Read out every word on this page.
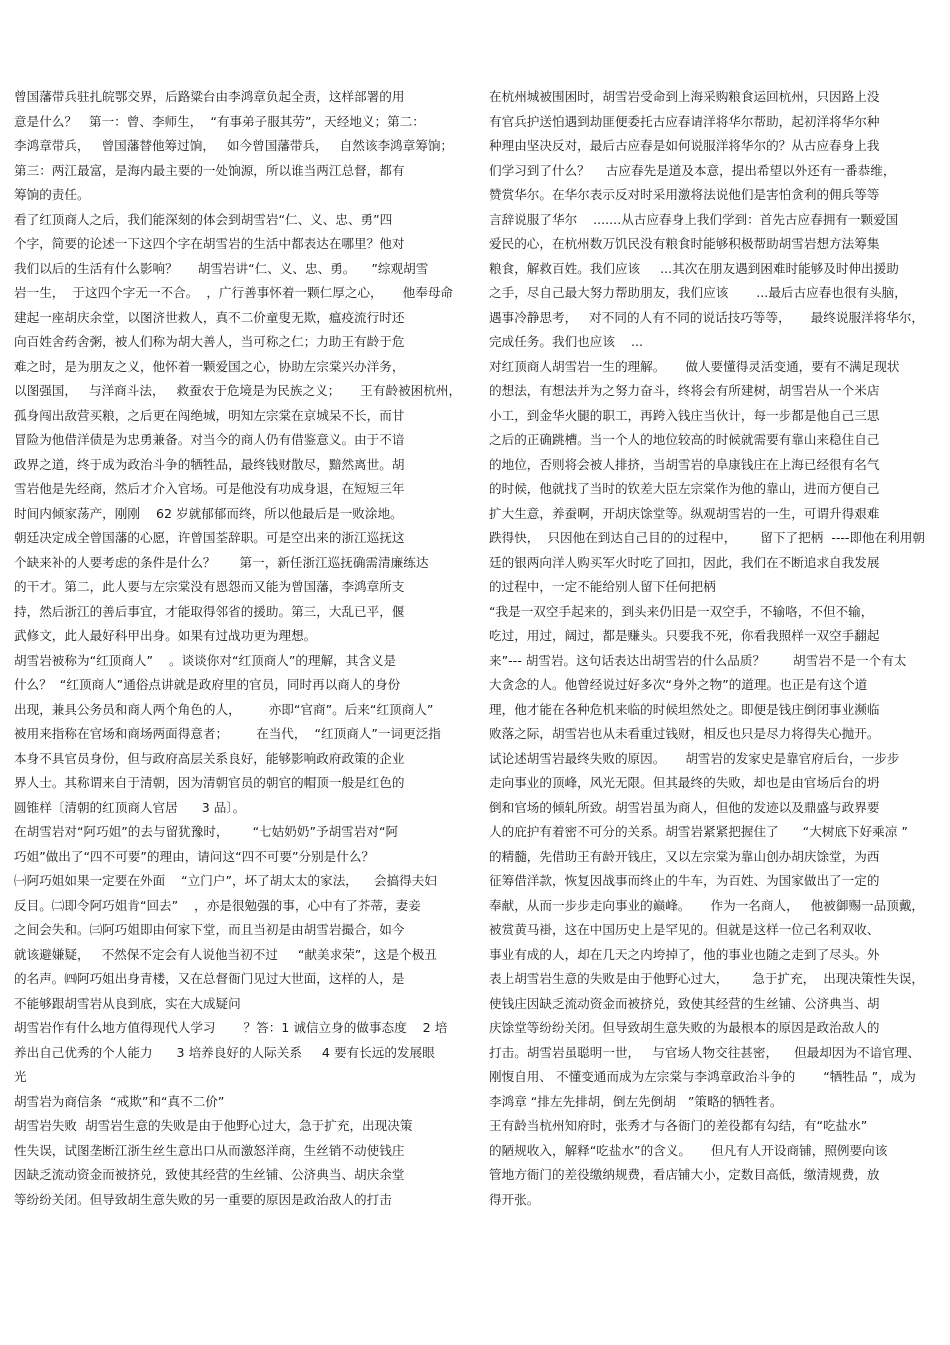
曾国藩带兵驻扎皖鄂交界，后路粱台由李鸿章负起全责，这样部署的用
意是什么？   第一：曾、李师生，  “有事弟子服其劳”，天经地义；第二：
李鸿章带兵，   曾国藩替他筹过饷，   如今曾国藩带兵，   自然该李鸿章筹饷；
第三：两江最富，是海内最主要的一处饷源，所以谁当两江总督，都有
筹饷的责任。
看了红顶商人之后，我们能深刻的体会到胡雪岩“仁、义、忠、勇”四
个字，简要的论述一下这四个字在胡雪岩的生活中都表达在哪里？他对
我们以后的生活有什么影响？     胡雪岩讲“仁、义、忠、勇。    ”综观胡雪
岩一生，  于这四个字无一不合。  ，广行善事怀着一颗仁厚之心，     他奉母命
建起一座胡庆余堂，以图济世救人，真不二价童叟无欺，瘟疫流行时还
向百姓舍药舍粥，被人们称为胡大善人，当可称之仁；力助王有龄于危
难之时，是为朋友之义，他怀着一颗爱国之心，协助左宗棠兴办洋务，
以图强国，   与洋商斗法，   救蚕农于危境是为民族之义；     王有龄被困杭州，
孤身闯出敌营买粮，之后更在闯绝城，明知左宗棠在京城呆不长，而甘
冒险为他借洋债是为忠勇兼备。对当今的商人仍有借鉴意义。由于不谙
政界之道，终于成为政治斗争的牺牲品，最终钱财散尽，黯然离世。胡
雪岩他是先经商，然后才介入官场。可是他没有功成身退，在短短三年
时间内倾家荡产，刚刚    62 岁就郁郁而终，所以他最后是一败涂地。
朝廷决定成全曾国藩的心愿，许曾国荃辞职。可是空出来的浙江巡抚这
个缺来补的人要考虑的条件是什么？      第一，新任浙江巡抚确需清廉练达
的干才。第二，此人要与左宗棠没有恩怨而又能为曾国藩，李鸿章所支
持，然后浙江的善后事宜，才能取得邻省的援助。第三，大乱已平，偃
武修文，此人最好科甲出身。如果有过战功更为理想。
胡雪岩被称为“红顶商人”    。谈谈你对“红顶商人”的理解，其含义是
什么？  “红顶商人”通俗点讲就是政府里的官员，同时再以商人的身份
出现，兼具公务员和商人两个角色的人，       亦即“官商”。后来“红顶商人”
被用来指称在官场和商场两面得意者；       在当代，  “红顶商人”一词更泛指
本身不具官员身份，但与政府高层关系良好，能够影响政府政策的企业
界人士。其称谓来自于清朝，因为清朝官员的朝官的帽顶一般是红色的
圆锥样〔清朝的红顶商人官居      3 品〕。
在胡雪岩对“阿巧姐”的去与留犹豫时，      “七姑奶奶”予胡雪岩对“阿
巧姐”做出了“四不可要”的理由，请问这“四不可要”分别是什么？
㈠阿巧姐如果一定要在外面    “立门户”，坏了胡太太的家法，    会搞得夫妇
反目。㈡即令阿巧姐肯“回去”    ，亦是很勉强的事，心中有了芥蒂，妻妾
之间会失和。㈢阿巧姐即由何家下堂，而且当初是由胡雪岩撮合，如今
就该避嫌疑，   不然保不定会有人说他当初不过     “献美求荣”，这是个极丑
的名声。㈣阿巧姐出身青楼，又在总督衙门见过大世面，这样的人，是
不能够跟胡雪岩从良到底，实在大成疑问
胡雪岩作有什么地方值得现代人学习       ？答：1 诚信立身的做事态度    2 培
养出自己优秀的个人能力      3 培养良好的人际关系     4 要有长远的发展眼
光
胡雪岩为商信条  “戒欺”和“真不二价”
胡雪岩失败  胡雪岩生意的失败是由于他野心过大，急于扩充，出现决策
性失误，试图垄断江浙生丝生意出口从而激怒洋商，生丝销不动使钱庄
因缺乏流动资金而被挤兑，致使其经营的生丝铺、公济典当、胡庆余堂
等纷纷关闭。但导致胡生意失败的另一重要的原因是政治敌人的打击
在杭州城被围困时，胡雪岩受命到上海采购粮食运回杭州，只因路上没
有官兵护送怕遇到劫匪便委托古应春请洋将华尔帮助，起初洋将华尔种
种理由坚决反对，最后古应春是如何说服洋将华尔的？从古应春身上我
们学习到了什么？    古应春先是道及本意，提出希望以外还有一番恭维，
赞赏华尔。在华尔表示反对时采用激将法说他们是害怕贪利的佣兵等等
言辞说服了华尔    .......从古应春身上我们学到：首先古应春拥有一颗爱国
爱民的心，在杭州数万饥民没有粮食时能够积极帮助胡雪岩想方法筹集
粮食，解救百姓。我们应该     ...其次在朋友遇到困难时能够及时伸出援助
之手，尽自己最大努力帮助朋友，我们应该       ...最后古应春也很有头脑，
遇事冷静思考，   对不同的人有不同的说话技巧等等，     最终说服洋将华尔，
完成任务。我们也应该    ...
对红顶商人胡雪岩一生的理解。     做人要懂得灵活变通，要有不满足现状
的想法，有想法并为之努力奋斗，终将会有所建树，胡雪岩从一个米店
小工，到金华火腿的职工，再跨入钱庄当伙计，每一步都是他自己三思
之后的正确跳槽。当一个人的地位较高的时候就需要有靠山来稳住自己
的地位，否则将会被人排挤，当胡雪岩的阜康钱庄在上海已经很有名气
的时候，他就找了当时的钦差大臣左宗棠作为他的靠山，进而方便自己
扩大生意，养蚕啊，开胡庆馀堂等。纵观胡雪岩的一生，可谓升得艰难
跌得快，  只因他在到达自己目的的过程中，      留下了把柄  ----即他在利用朝
廷的银两向洋人购买军火时吃了回扣，因此，我们在不断追求自我发展
的过程中，一定不能给别人留下任何把柄
“我是一双空手起来的，到头来仍旧是一双空手，不输咯，不但不输，
吃过，用过，阔过，都是赚头。只要我不死，你看我照样一双空手翻起
来”--- 胡雪岩。这句话表达出胡雪岩的什么品质？       胡雪岩不是一个有太
大贪念的人。他曾经说过好多次“身外之物”的道理。也正是有这个道
理，他才能在各种危机来临的时候坦然处之。即便是钱庄倒闭事业濒临
败落之际，胡雪岩也从未看重过钱财，相反也只是尽力将得失心抛开。
试论述胡雪岩最终失败的原因。     胡雪岩的发家史是靠官府后台，一步步
走向事业的顶峰，风光无限。但其最终的失败，却也是由官场后台的坍
倒和官场的倾轧所致。胡雪岩虽为商人，但他的发迹以及鼎盛与政界要
人的庇护有着密不可分的关系。胡雪岩紧紧把握住了      “大树底下好乘凉 ”
的精髓，先借助王有龄开钱庄，又以左宗棠为靠山创办胡庆馀堂，为西
征筹借洋款，恢复因战事而终止的牛车，为百姓、为国家做出了一定的
奉献，从而一步步走向事业的巅峰。     作为一名商人，   他被御赐一品顶戴，
被赏黄马褂，这在中国历史上是罕见的。但就是这样一位己名利双收、
事业有成的人，却在几天之内垮掉了，他的事业也随之走到了尽头。外
表上胡雪岩生意的失败是由于他野心过大，      急于扩充，  出现决策性失误，
使钱庄因缺乏流动资金而被挤兑，致使其经营的生丝铺、公济典当、胡
庆馀堂等纷纷关闭。但导致胡生意失败的为最根本的原因是政治敌人的
打击。胡雪岩虽聪明一世，   与官场人物交往甚密，    但最却因为不谙官理、
刚愎自用、 不懂变通而成为左宗棠与李鸿章政治斗争的       “牺牲品 ”，成为
李鸿章 “排左先排胡，倒左先倒胡   ”策略的牺牲者。
王有龄当杭州知府时，张秀才与各衙门的差役都有勾结，有“吃盐水”
的陋规收入，解释“吃盐水”的含义。     但凡有人开设商铺，照例要向该
管地方衙门的差役缴纳规费，看店铺大小，定数目高低，缴清规费，放
得开张。
